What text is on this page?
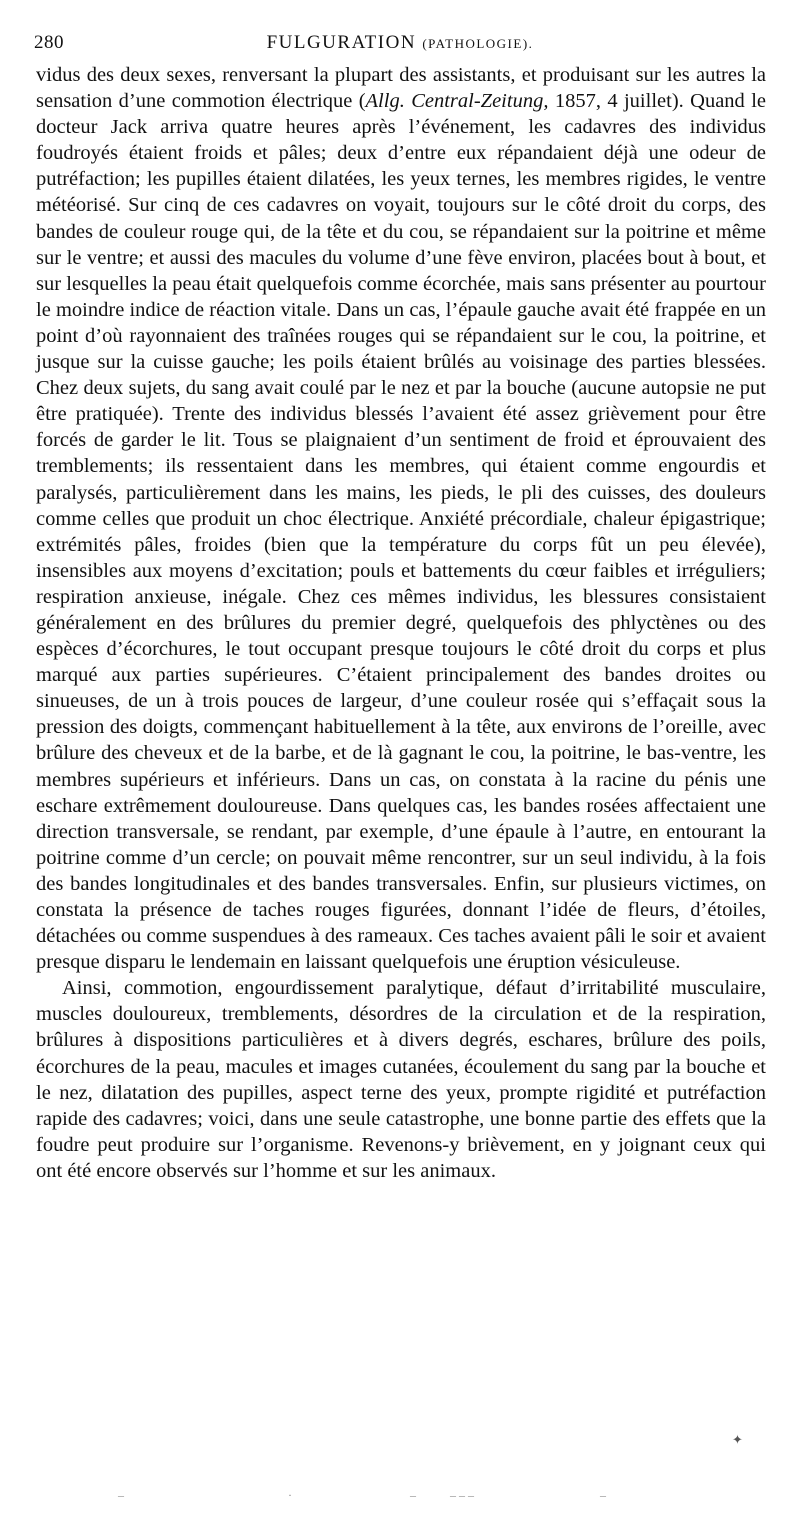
280	FULGURATION (PATHOLOGIE).

vidus des deux sexes, renversant la plupart des assistants, et produisant sur les autres la sensation d’une commotion électrique (Allg. Central-Zeitung, 1857, 4 juillet). Quand le docteur Jack arriva quatre heures après l’événement, les cadavres des individus foudroyés étaient froids et pâles; deux d’entre eux répandaient déjà une odeur de putréfaction; les pupilles étaient dilatées, les yeux ternes, les membres rigides, le ventre météorisé. Sur cinq de ces cadavres on voyait, toujours sur le côté droit du corps, des bandes de couleur rouge qui, de la tête et du cou, se répandaient sur la poitrine et même sur le ventre; et aussi des macules du volume d’une fève environ, placées bout à bout, et sur lesquelles la peau était quelquefois comme écorchée, mais sans présenter au pourtour le moindre indice de réaction vitale. Dans un cas, l’épaule gauche avait été frappée en un point d’où rayonnaient des traînées rouges qui se répandaient sur le cou, la poitrine, et jusque sur la cuisse gauche; les poils étaient brûlés au voisinage des parties blessées. Chez deux sujets, du sang avait coulé par le nez et par la bouche (aucune autopsie ne put être pratiquée). Trente des individus blessés l’avaient été assez grièvement pour être forcés de garder le lit. Tous se plaignaient d’un sentiment de froid et éprouvaient des tremblements; ils ressentaient dans les membres, qui étaient comme engourdis et paralysés, particulièrement dans les mains, les pieds, le pli des cuisses, des douleurs comme celles que produit un choc électrique. Anxiété précordiale, chaleur épigastrique; extrémités pâles, froides (bien que la température du corps fût un peu élevée), insensibles aux moyens d’excitation; pouls et battements du cœur faibles et irréguliers; respiration anxieuse, inégale. Chez ces mêmes individus, les blessures consistaient généralement en des brûlures du premier degré, quelquefois des phlyctènes ou des espèces d’écorchures, le tout occupant presque toujours le côté droit du corps et plus marqué aux parties supérieures. C’étaient principalement des bandes droites ou sinueuses, de un à trois pouces de largeur, d’une couleur rosée qui s’effaçait sous la pression des doigts, commençant habituellement à la tête, aux environs de l’oreille, avec brûlure des cheveux et de la barbe, et de là gagnant le cou, la poitrine, le bas-ventre, les membres supérieurs et inférieurs. Dans un cas, on constata à la racine du pénis une eschare extrêmement douloureuse. Dans quelques cas, les bandes rosées affectaient une direction transversale, se rendant, par exemple, d’une épaule à l’autre, en entourant la poitrine comme d’un cercle; on pouvait même rencontrer, sur un seul individu, à la fois des bandes longitudinales et des bandes transversales. Enfin, sur plusieurs victimes, on constata la présence de taches rouges figurées, donnant l’idée de fleurs, d’étoiles, détachées ou comme suspendues à des rameaux. Ces taches avaient pâli le soir et avaient presque disparu le lendemain en laissant quelquefois une éruption vésiculeuse.

Ainsi, commotion, engourdissement paralytique, défaut d’irritabilité musculaire, muscles douloureux, tremblements, désordres de la circulation et de la respiration, brûlures à dispositions particulières et à divers degrés, eschares, brûlure des poils, écorchures de la peau, macules et images cutanées, écoulement du sang par la bouche et le nez, dilatation des pupilles, aspect terne des yeux, prompte rigidité et putréfaction rapide des cadavres; voici, dans une seule catastrophe, une bonne partie des effets que la foudre peut produire sur l’organisme. Revenons-y brièvement, en y joignant ceux qui ont été encore observés sur l’homme et sur les animaux.

✦
–	·	–	– – –	–
